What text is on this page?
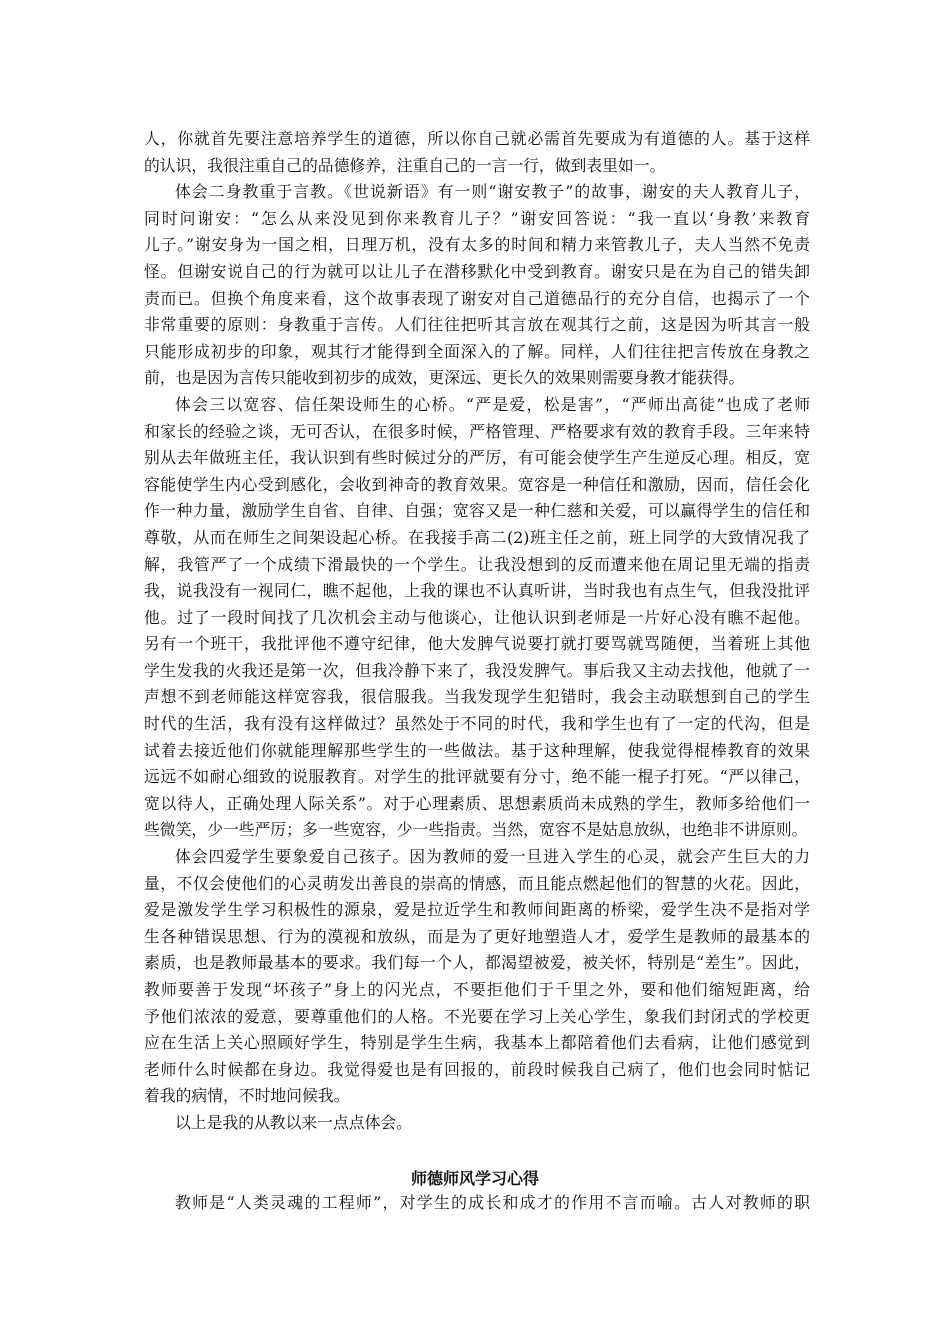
人，你就首先要注意培养学生的道德，所以你自己就必需首先要成为有道德的人。基于这样
的认识，我很注重自己的品德修养，注重自己的一言一行，做到表里如一。
体会二身教重于言教。《世说新语》有一则“谢安教子”的故事，谢安的夫人教育儿子，
同时问谢安：“怎么从来没见到你来教育儿子？”谢安回答说：“我一直以‘身教’来教育
儿子。”谢安身为一国之相，日理万机，没有太多的时间和精力来管教儿子，夫人当然不免责
怪。但谢安说自己的行为就可以让儿子在潜移默化中受到教育。谢安只是在为自己的错失卸
责而已。但换个角度来看，这个故事表现了谢安对自己道德品行的充分自信，也揭示了一个
非常重要的原则：身教重于言传。人们往往把听其言放在观其行之前，这是因为听其言一般
只能形成初步的印象，观其行才能得到全面深入的了解。同样，人们往往把言传放在身教之
前，也是因为言传只能收到初步的成效，更深远、更长久的效果则需要身教才能获得。
体会三以宽容、信任架设师生的心桥。“严是爱，松是害”，“严师出高徒”也成了老师
和家长的经验之谈，无可否认，在很多时候，严格管理、严格要求有效的教育手段。三年来特
别从去年做班主任，我认识到有些时候过分的严厉，有可能会使学生产生逆反心理。相反，宽
容能使学生内心受到感化，会收到神奇的教育效果。宽容是一种信任和激励，因而，信任会化
作一种力量，激励学生自省、自律、自强；宽容又是一种仁慈和关爱，可以赢得学生的信任和
尊敬，从而在师生之间架设起心桥。在我接手高二(2)班主任之前，班上同学的大致情况我了
解，我管严了一个成绩下滑最快的一个学生。让我没想到的反而遭来他在周记里无端的指责
我，说我没有一视同仁，瞧不起他，上我的课也不认真听讲，当时我也有点生气，但我没批评
他。过了一段时间找了几次机会主动与他谈心，让他认识到老师是一片好心没有瞧不起他。
另有一个班干，我批评他不遵守纪律，他大发脾气说要打就打要骂就骂随便，当着班上其他
学生发我的火我还是第一次，但我冷静下来了，我没发脾气。事后我又主动去找他，他就了一
声想不到老师能这样宽容我，很信服我。当我发现学生犯错时，我会主动联想到自己的学生
时代的生活，我有没有这样做过？虽然处于不同的时代，我和学生也有了一定的代沟，但是
试着去接近他们你就能理解那些学生的一些做法。基于这种理解，使我觉得棍棒教育的效果
远远不如耐心细致的说服教育。对学生的批评就要有分寸，绝不能一棍子打死。“严以律己，
宽以待人，正确处理人际关系”。对于心理素质、思想素质尚未成熟的学生，教师多给他们一
些微笑，少一些严厉；多一些宽容，少一些指责。当然，宽容不是姑息放纵，也绝非不讲原则。
体会四爱学生要象爱自己孩子。因为教师的爱一旦进入学生的心灵，就会产生巨大的力
量，不仅会使他们的心灵萌发出善良的崇高的情感，而且能点燃起他们的智慧的火花。因此，
爱是激发学生学习积极性的源泉，爱是拉近学生和教师间距离的桥梁，爱学生决不是指对学
生各种错误思想、行为的漠视和放纵，而是为了更好地塑造人才，爱学生是教师的最基本的
素质，也是教师最基本的要求。我们每一个人，都渴望被爱，被关怀，特别是“差生”。因此，
教师要善于发现“坏孩子”身上的闪光点，不要拒他们于千里之外，要和他们缩短距离，给
予他们浓浓的爱意，要尊重他们的人格。不光要在学习上关心学生，象我们封闭式的学校更
应在生活上关心照顾好学生，特别是学生生病，我基本上都陪着他们去看病，让他们感觉到
老师什么时候都在身边。我觉得爱也是有回报的，前段时候我自己病了，他们也会同时惦记
着我的病情，不时地问候我。
以上是我的从教以来一点点体会。
师德师风学习心得
教师是“人类灵魂的工程师”，对学生的成长和成才的作用不言而喻。古人对教师的职
